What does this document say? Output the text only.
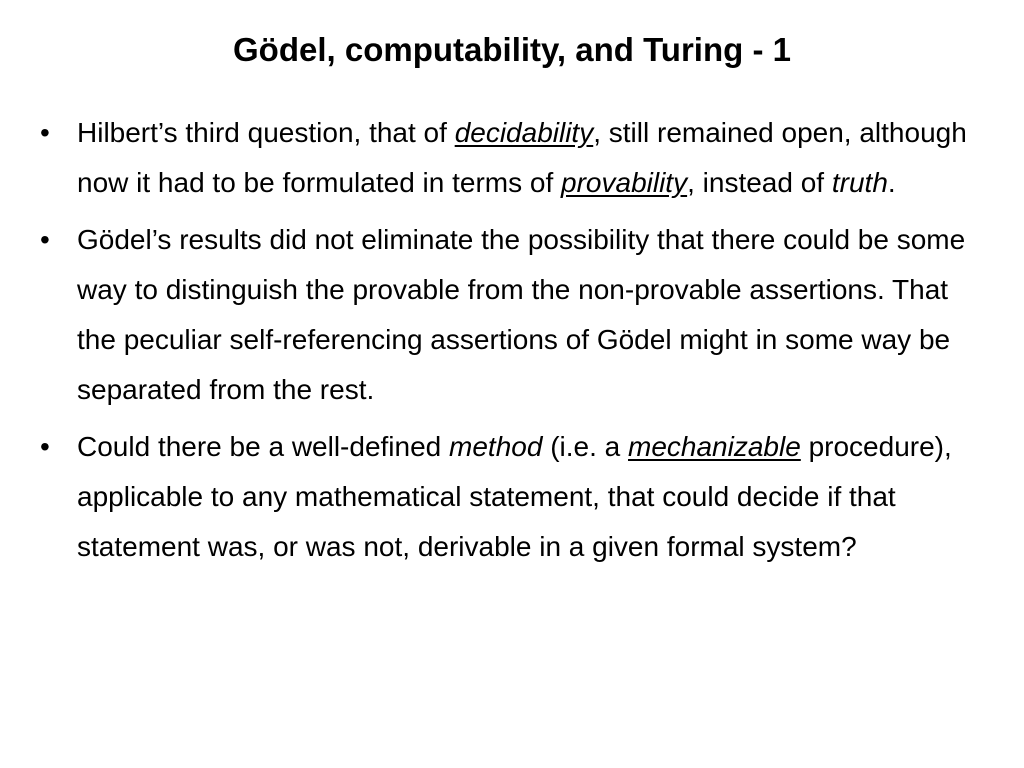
Gödel, computability, and Turing - 1
• Hilbert’s third question, that of decidability, still remained open, although now it had to be formulated in terms of provability, instead of truth.
• Gödel’s results did not eliminate the possibility that there could be some way to distinguish the provable from the non-provable assertions. That the peculiar self-referencing assertions of Gödel might in some way be separated from the rest.
• Could there be a well-defined method (i.e. a mechanizable procedure), applicable to any mathematical statement, that could decide if that statement was, or was not, derivable in a given formal system?
